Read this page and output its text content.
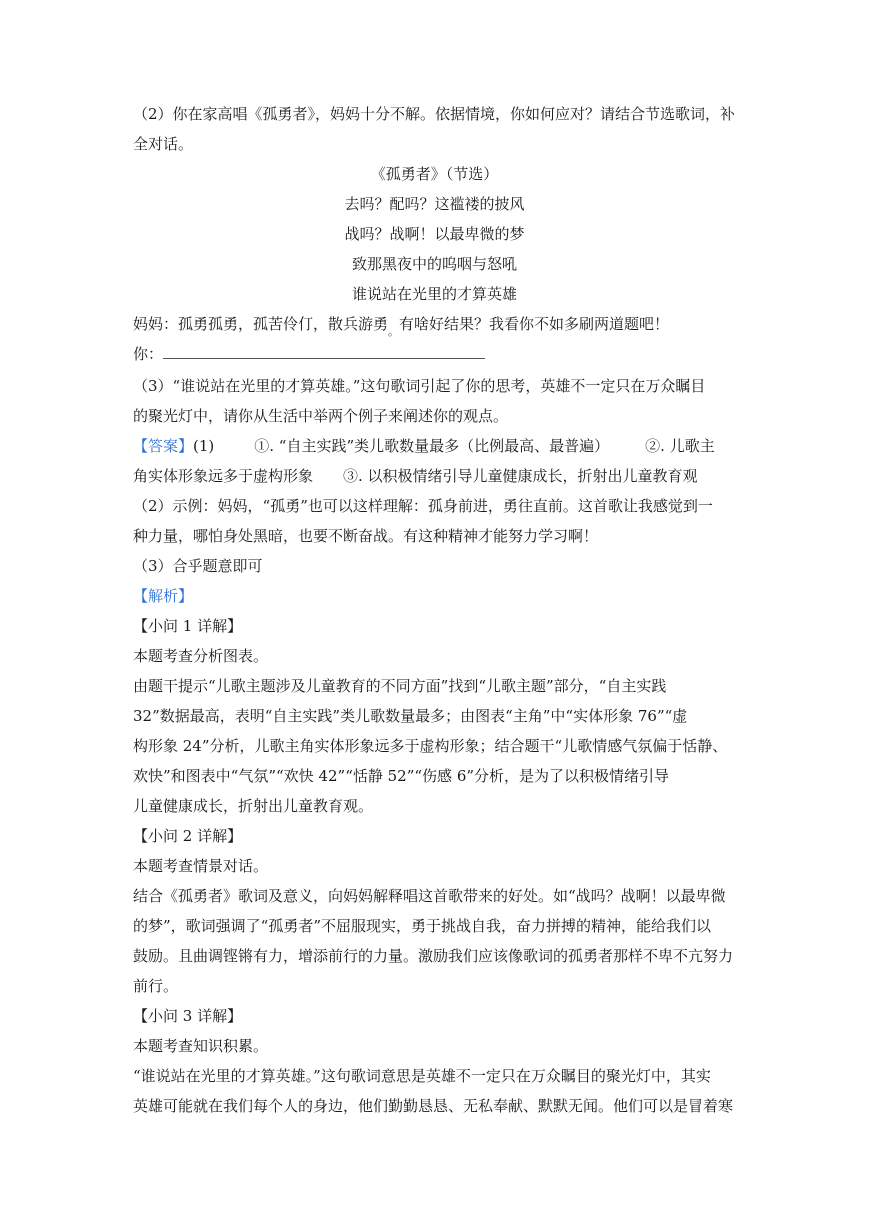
（2）你在家高唱《孤勇者》，妈妈十分不解。依据情境，你如何应对？请结合节选歌词，补
全对话。
《孤勇者》（节选）
去吗？配吗？这褴褛的披风
战吗？战啊！以最卑微的梦
致那黑夜中的呜咽与怒吼
谁说站在光里的才算英雄
妈妈：孤勇孤勇，孤苦伶仃，散兵游勇$_。$有啥好结果？我看你不如多刷两道题吧！
你：
（3）“谁说站在光里的才算英雄。”这句歌词引起了你的思考，英雄不一定只在万众瞩目
的聚光灯中，请你从生活中举两个例子来阐述你的观点。
【答案】(1)	①. “自主实践”类儿歌数量最多（比例最高、最普遍） ②. 儿歌主
角实体形象远多于虚构形象 ③. 以积极情绪引导儿童健康成长，折射出儿童教育观
（2）示例：妈妈，“孤勇”也可以这样理解：孤身前进，勇往直前。这首歌让我感觉到一
种力量，哪怕身处黑暗，也要不断奋战。有这种精神才能努力学习啊！
（3）合乎题意即可
【解析】
【小问 1 详解】
本题考查分析图表。
由题干提示“儿歌主题涉及儿童教育的不同方面”找到“儿歌主题”部分，“自主实践
32”数据最高，表明“自主实践”类儿歌数量最多；由图表“主角”中“实体形象 76”“虚
构形象 24”分析，儿歌主角实体形象远多于虚构形象；结合题干“儿歌情感气氛偏于恬静、
欢快”和图表中“气氛”“欢快 42”“恬静 52”“伤感 6”分析，是为了以积极情绪引导
儿童健康成长，折射出儿童教育观。
【小问 2 详解】
本题考查情景对话。
结合《孤勇者》歌词及意义，向妈妈解释唱这首歌带来的好处。如“战吗？战啊！以最卑微
的梦”，歌词强调了“孤勇者”不屈服现实，勇于挑战自我，奋力拼搏的精神，能给我们以
鼓励。且曲调铿锵有力，增添前行的力量。激励我们应该像歌词的孤勇者那样不卑不亢努力
前行。
【小问 3 详解】
本题考查知识积累。
“谁说站在光里的才算英雄。”这句歌词意思是英雄不一定只在万众瞩目的聚光灯中，其实
英雄可能就在我们每个人的身边，他们勤勤恳恳、无私奉献、默默无闻。他们可以是冒着寒
